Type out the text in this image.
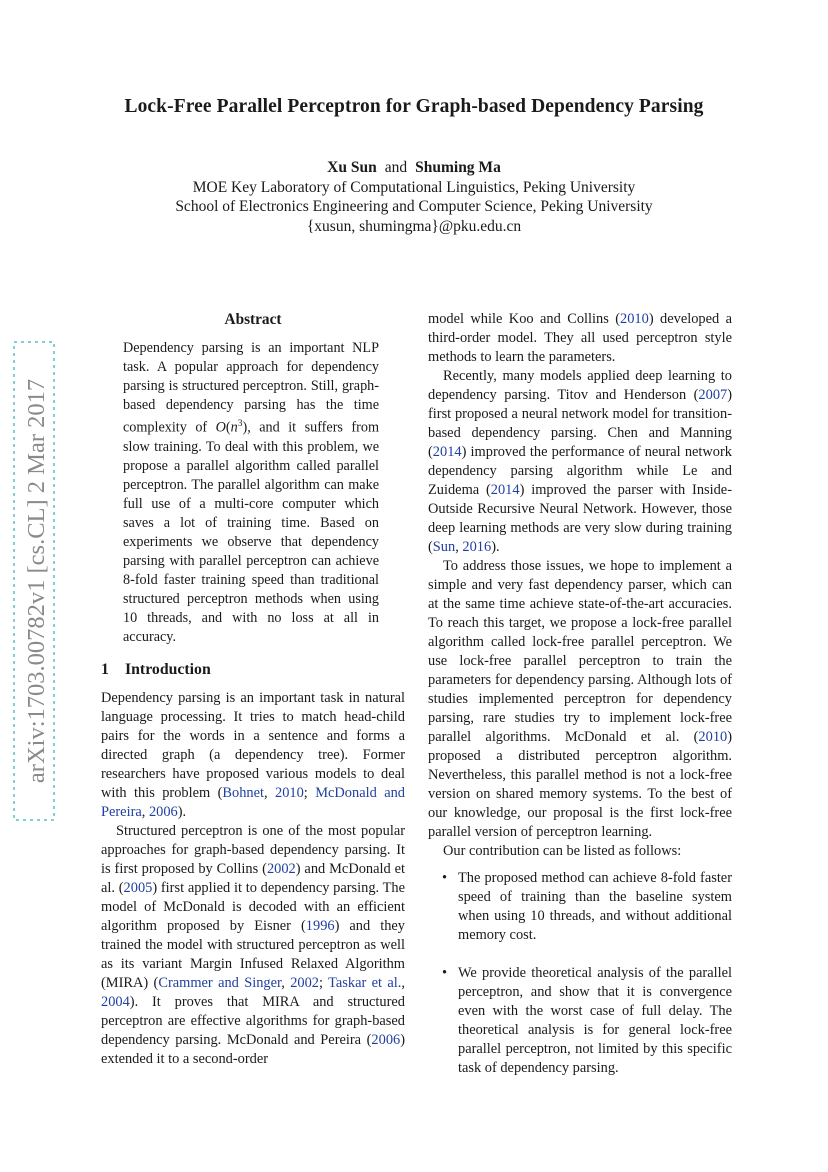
arXiv:1703.00782v1 [cs.CL] 2 Mar 2017
Lock-Free Parallel Perceptron for Graph-based Dependency Parsing
Xu Sun and Shuming Ma
MOE Key Laboratory of Computational Linguistics, Peking University
School of Electronics Engineering and Computer Science, Peking University
{xusun, shumingma}@pku.edu.cn
Abstract
Dependency parsing is an important NLP task. A popular approach for dependency parsing is structured perceptron. Still, graph-based dependency parsing has the time complexity of $O(n^3)$, and it suffers from slow training. To deal with this problem, we propose a parallel algorithm called parallel perceptron. The parallel algorithm can make full use of a multi-core computer which saves a lot of training time. Based on experiments we observe that dependency parsing with parallel perceptron can achieve 8-fold faster training speed than traditional structured perceptron methods when using 10 threads, and with no loss at all in accuracy.
1 Introduction

Dependency parsing is an important task in natural language processing. It tries to match head-child pairs for the words in a sentence and forms a directed graph (a dependency tree). Former researchers have proposed various models to deal with this problem (Bohnet, 2010; McDonald and Pereira, 2006).

Structured perceptron is one of the most popular approaches for graph-based dependency parsing. It is first proposed by Collins (2002) and McDonald et al. (2005) first applied it to dependency parsing. The model of McDonald is decoded with an efficient algorithm proposed by Eisner (1996) and they trained the model with structured perceptron as well as its variant Margin Infused Relaxed Algorithm (MIRA) (Crammer and Singer, 2002; Taskar et al., 2004). It proves that MIRA and structured perceptron are effective algorithms for graph-based dependency parsing. McDonald and Pereira (2006) extended it to a second-order

model while Koo and Collins (2010) developed a third-order model. They all used perceptron style methods to learn the parameters.

Recently, many models applied deep learning to dependency parsing. Titov and Henderson (2007) first proposed a neural network model for transition-based dependency parsing. Chen and Manning (2014) improved the performance of neural network dependency parsing algorithm while Le and Zuidema (2014) improved the parser with Inside-Outside Recursive Neural Network. However, those deep learning methods are very slow during training (Sun, 2016).

To address those issues, we hope to implement a simple and very fast dependency parser, which can at the same time achieve state-of-the-art accuracies. To reach this target, we propose a lock-free parallel algorithm called lock-free parallel perceptron. We use lock-free parallel perceptron to train the parameters for dependency parsing. Although lots of studies implemented perceptron for dependency parsing, rare studies try to implement lock-free parallel algorithms. McDonald et al. (2010) proposed a distributed perceptron algorithm. Nevertheless, this parallel method is not a lock-free version on shared memory systems. To the best of our knowledge, our proposal is the first lock-free parallel version of perceptron learning.

Our contribution can be listed as follows:

• The proposed method can achieve 8-fold faster speed of training than the baseline system when using 10 threads, and without additional memory cost.
• We provide theoretical analysis of the parallel perceptron, and show that it is convergence even with the worst case of full delay. The theoretical analysis is for general lock-free parallel perceptron, not limited by this specific task of dependency parsing.
